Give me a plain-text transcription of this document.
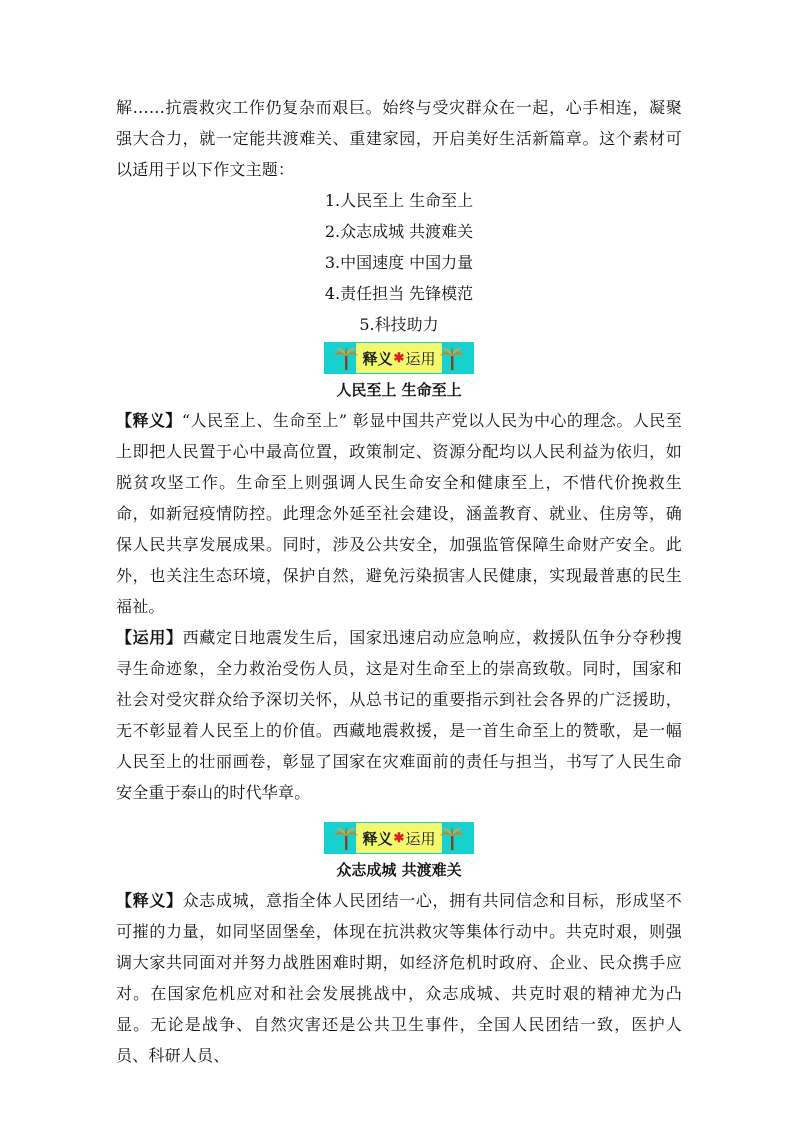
解……抗震救灾工作仍复杂而艰巨。始终与受灾群众在一起，心手相连，凝聚强大合力，就一定能共渡难关、重建家园，开启美好生活新篇章。这个素材可以适用于以下作文主题：

1.人民至上 生命至上
2.众志成城 共渡难关
3.中国速度 中国力量
4.责任担当 先锋模范
5.科技助力
释义 ✱ 运用
人民至上 生命至上

【释义】“人民至上、生命至上” 彰显中国共产党以人民为中心的理念。人民至上即把人民置于心中最高位置，政策制定、资源分配均以人民利益为依归，如脱贫攻坚工作。生命至上则强调人民生命安全和健康至上，不惜代价挽救生命，如新冠疫情防控。此理念外延至社会建设，涵盖教育、就业、住房等，确保人民共享发展成果。同时，涉及公共安全，加强监管保障生命财产安全。此外，也关注生态环境，保护自然，避免污染损害人民健康，实现最普惠的民生福祉。

【运用】西藏定日地震发生后，国家迅速启动应急响应，救援队伍争分夺秒搜寻生命迹象，全力救治受伤人员，这是对生命至上的崇高致敬。同时，国家和社会对受灾群众给予深切关怀，从总书记的重要指示到社会各界的广泛援助，无不彰显着人民至上的价值。西藏地震救援，是一首生命至上的赞歌，是一幅人民至上的壮丽画卷，彰显了国家在灾难面前的责任与担当，书写了人民生命安全重于泰山的时代华章。

释义 ✱ 运用
众志成城 共渡难关

【释义】众志成城，意指全体人民团结一心，拥有共同信念和目标，形成坚不可摧的力量，如同坚固堡垒，体现在抗洪救灾等集体行动中。共克时艰，则强调大家共同面对并努力战胜困难时期，如经济危机时政府、企业、民众携手应对。在国家危机应对和社会发展挑战中，众志成城、共克时艰的精神尤为凸显。无论是战争、自然灾害还是公共卫生事件，全国人民团结一致，医护人员、科研人员、
